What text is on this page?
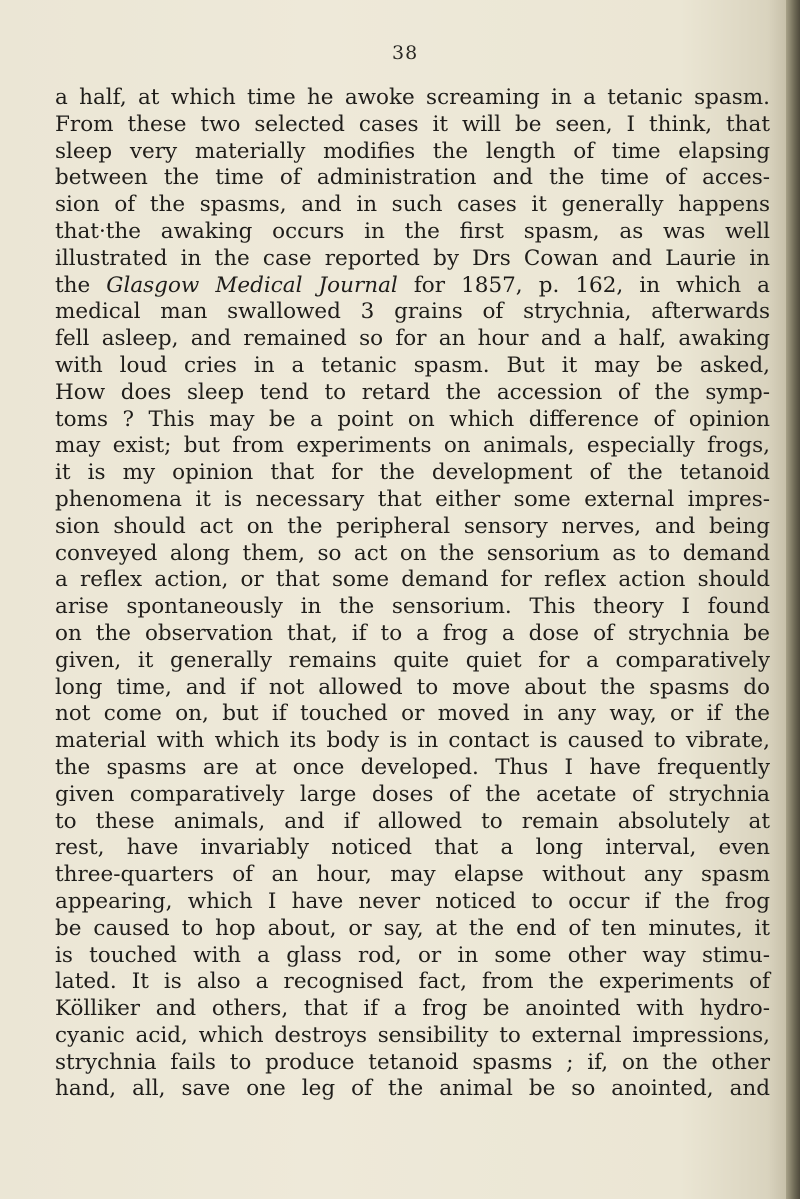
38
a half, at which time he awoke screaming in a tetanic spasm.
From these two selected cases it will be seen, I think, that
sleep very materially modifies the length of time elapsing
between the time of administration and the time of acces-
sion of the spasms, and in such cases it generally happens
that·the awaking occurs in the first spasm, as was well
illustrated in the case reported by Drs Cowan and Laurie in
the Glasgow Medical Journal for 1857, p. 162, in which a
medical man swallowed 3 grains of strychnia, afterwards
fell asleep, and remained so for an hour and a half, awaking
with loud cries in a tetanic spasm. But it may be asked,
How does sleep tend to retard the accession of the symp-
toms ? This may be a point on which difference of opinion
may exist; but from experiments on animals, especially frogs,
it is my opinion that for the development of the tetanoid
phenomena it is necessary that either some external impres-
sion should act on the peripheral sensory nerves, and being
conveyed along them, so act on the sensorium as to demand
a reflex action, or that some demand for reflex action should
arise spontaneously in the sensorium. This theory I found
on the observation that, if to a frog a dose of strychnia be
given, it generally remains quite quiet for a comparatively
long time, and if not allowed to move about the spasms do
not come on, but if touched or moved in any way, or if the
material with which its body is in contact is caused to vibrate,
the spasms are at once developed. Thus I have frequently
given comparatively large doses of the acetate of strychnia
to these animals, and if allowed to remain absolutely at
rest, have invariably noticed that a long interval, even
three-quarters of an hour, may elapse without any spasm
appearing, which I have never noticed to occur if the frog
be caused to hop about, or say, at the end of ten minutes, it
is touched with a glass rod, or in some other way stimu-
lated. It is also a recognised fact, from the experiments of
Kölliker and others, that if a frog be anointed with hydro-
cyanic acid, which destroys sensibility to external impressions,
strychnia fails to produce tetanoid spasms ; if, on the other
hand, all, save one leg of the animal be so anointed, and
